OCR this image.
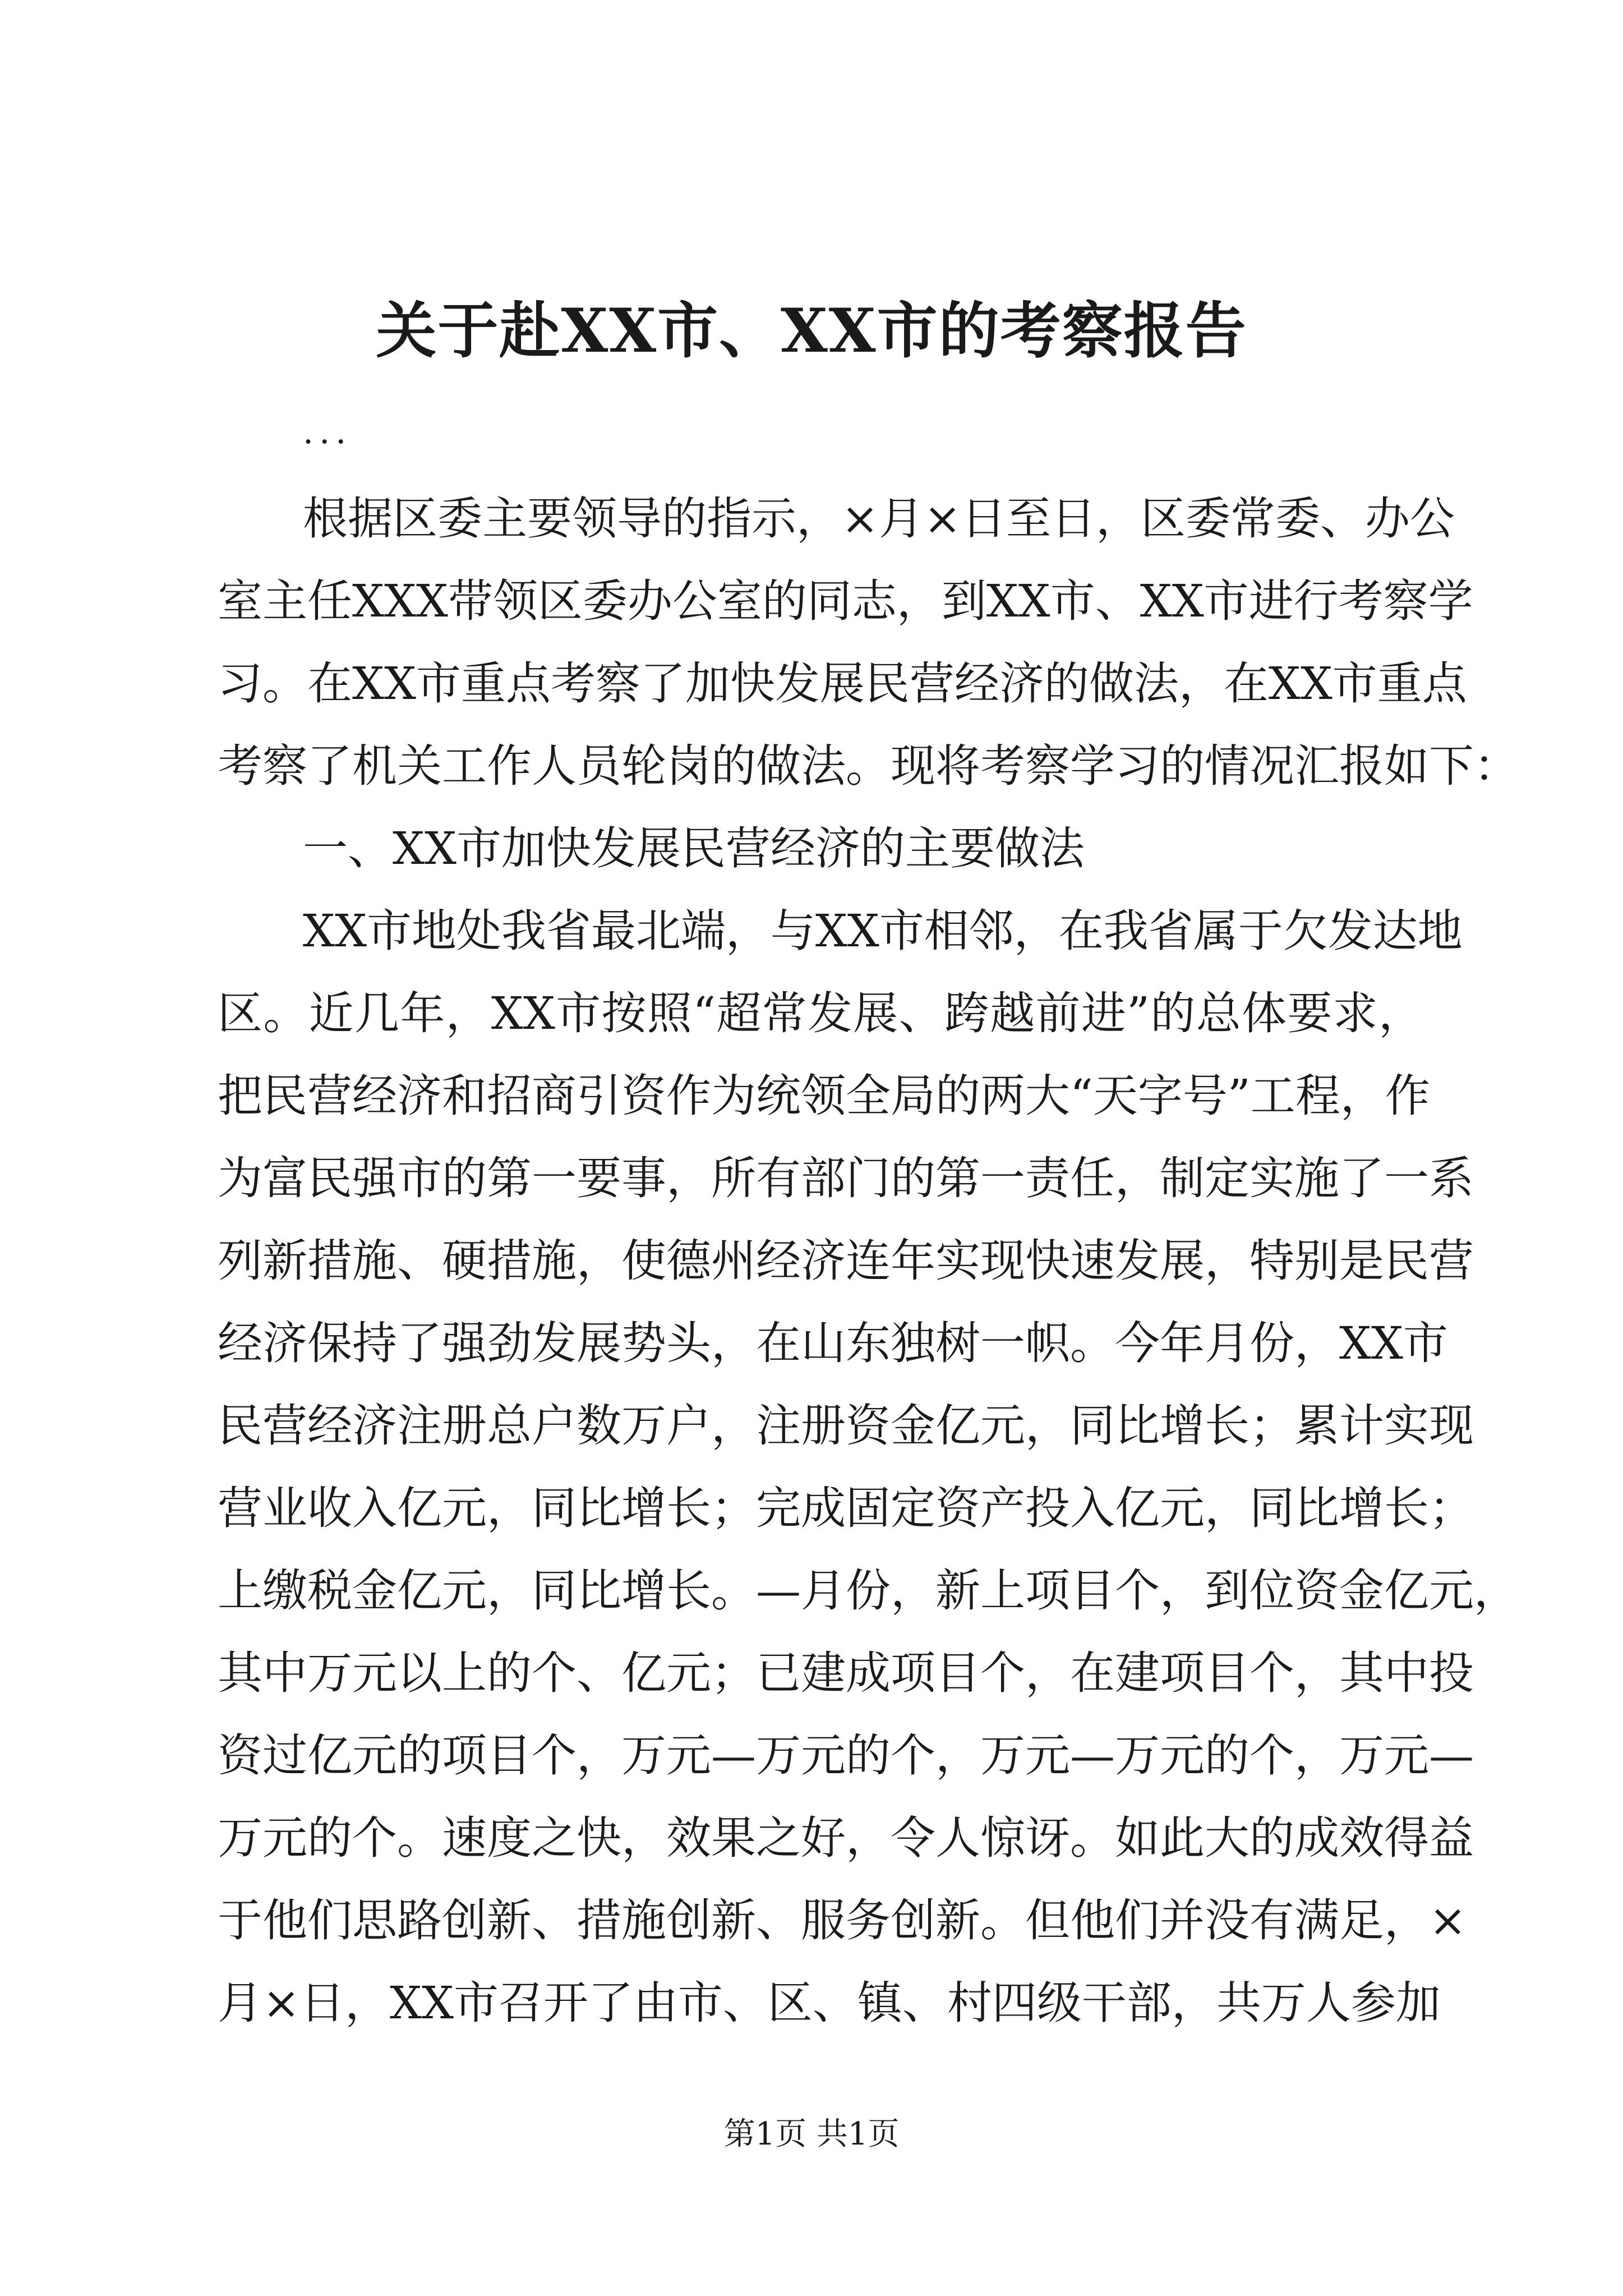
关于赴XX市、XX市的考察报告
...
根据区委主要领导的指示，×月×日至日，区委常委、办公
室主任XXX带领区委办公室的同志，到XX市、XX市进行考察学
习。在XX市重点考察了加快发展民营经济的做法，在XX市重点
考察了机关工作人员轮岗的做法。现将考察学习的情况汇报如下：
一、XX市加快发展民营经济的主要做法
XX市地处我省最北端，与XX市相邻，在我省属于欠发达地
区。近几年，XX市按照“超常发展、跨越前进”的总体要求，
把民营经济和招商引资作为统领全局的两大“天字号”工程，作
为富民强市的第一要事，所有部门的第一责任，制定实施了一系
列新措施、硬措施，使德州经济连年实现快速发展，特别是民营
经济保持了强劲发展势头，在山东独树一帜。今年月份，XX市
民营经济注册总户数万户，注册资金亿元，同比增长；累计实现
营业收入亿元，同比增长；完成固定资产投入亿元，同比增长；
上缴税金亿元，同比增长。—月份，新上项目个，到位资金亿元，
其中万元以上的个、亿元；已建成项目个，在建项目个，其中投
资过亿元的项目个，万元—万元的个，万元—万元的个，万元—
万元的个。速度之快，效果之好，令人惊讶。如此大的成效得益
于他们思路创新、措施创新、服务创新。但他们并没有满足，×
月×日，XX市召开了由市、区、镇、村四级干部，共万人参加
第1页 共1页
